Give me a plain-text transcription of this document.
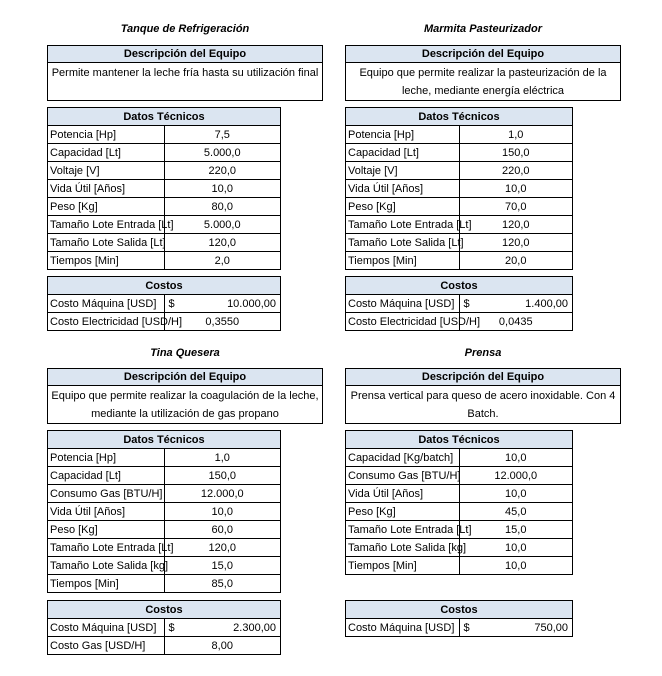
Tanque de Refrigeración
Descripción del Equipo
Permite mantener la leche fría hasta su utilización final
Datos Técnicos	
Potencia [Hp]	7,5
Capacidad [Lt]	5.000,0
Voltaje [V]	220,0
Vida Útil [Años]	10,0
Peso [Kg]	80,0
Tamaño Lote Entrada [Lt]	5.000,0
Tamaño Lote Salida [Lt]	120,0
Tiempos [Min]	2,0
Costos	
Costo Máquina [USD]	$ 10.000,00
Costo Electricidad [USD/H]	0,3550
Marmita Pasteurizador
Descripción del Equipo
Equipo que permite realizar la pasteurización de la leche, mediante energía eléctrica
Datos Técnicos	
Potencia [Hp]	1,0
Capacidad [Lt]	150,0
Voltaje [V]	220,0
Vida Útil [Años]	10,0
Peso [Kg]	70,0
Tamaño Lote Entrada [Lt]	120,0
Tamaño Lote Salida [Lt]	120,0
Tiempos [Min]	20,0
Costos	
Costo Máquina [USD]	$ 1.400,00
Costo Electricidad [USD/H]	0,0435
Tina Quesera
Descripción del Equipo
Equipo que permite realizar la coagulación de la leche, mediante la utilización de gas propano
Datos Técnicos	
Potencia [Hp]	1,0
Capacidad [Lt]	150,0
Consumo Gas [BTU/H]	12.000,0
Vida Útil [Años]	10,0
Peso [Kg]	60,0
Tamaño Lote Entrada [Lt]	120,0
Tamaño Lote Salida [kg]	15,0
Tiempos [Min]	85,0
Costos	
Costo Máquina [USD]	$ 2.300,00
Costo Gas [USD/H]	8,00
Prensa
Descripción del Equipo
Prensa vertical para queso de acero inoxidable. Con 4 Batch.
Datos Técnicos	
Capacidad [Kg/batch]	10,0
Consumo Gas [BTU/H]	12.000,0
Vida Útil [Años]	10,0
Peso [Kg]	45,0
Tamaño Lote Entrada [Lt]	15,0
Tamaño Lote Salida [kg]	10,0
Tiempos [Min]	10,0
Costos
Costo Máquina [USD]	$	750,00
